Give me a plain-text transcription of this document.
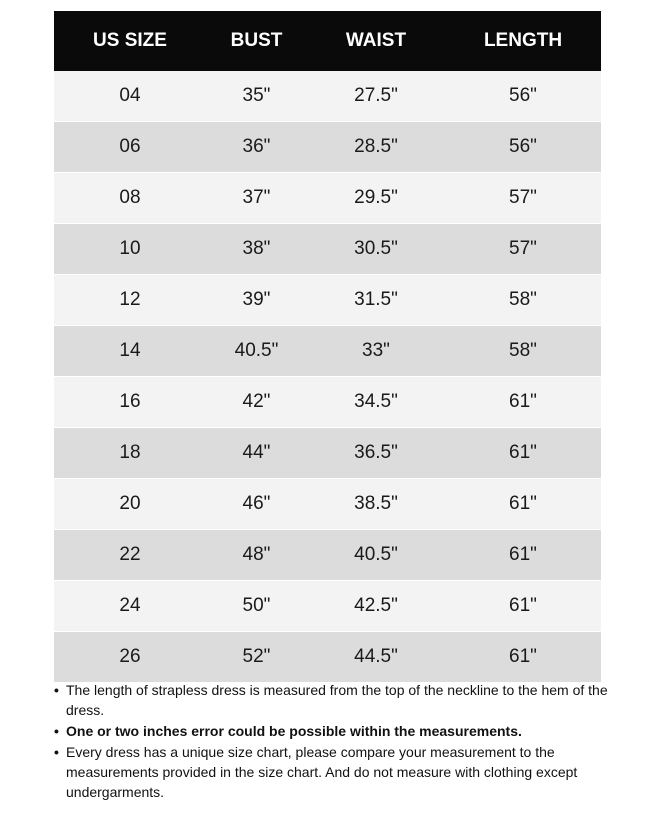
US SIZE	BUST	WAIST	LENGTH
04	35"	27.5"	56"
06	36"	28.5"	56"
08	37"	29.5"	57"
10	38"	30.5"	57"
12	39"	31.5"	58"
14	40.5"	33"	58"
16	42"	34.5"	61"
18	44"	36.5"	61"
20	46"	38.5"	61"
22	48"	40.5"	61"
24	50"	42.5"	61"
26	52"	44.5"	61"
• The length of strapless dress is measured from the top of the neckline to the hem of the dress.
• One or two inches error could be possible within the measurements.
• Every dress has a unique size chart, please compare your measurement to the measurements provided in the size chart. And do not measure with clothing except undergarments.
